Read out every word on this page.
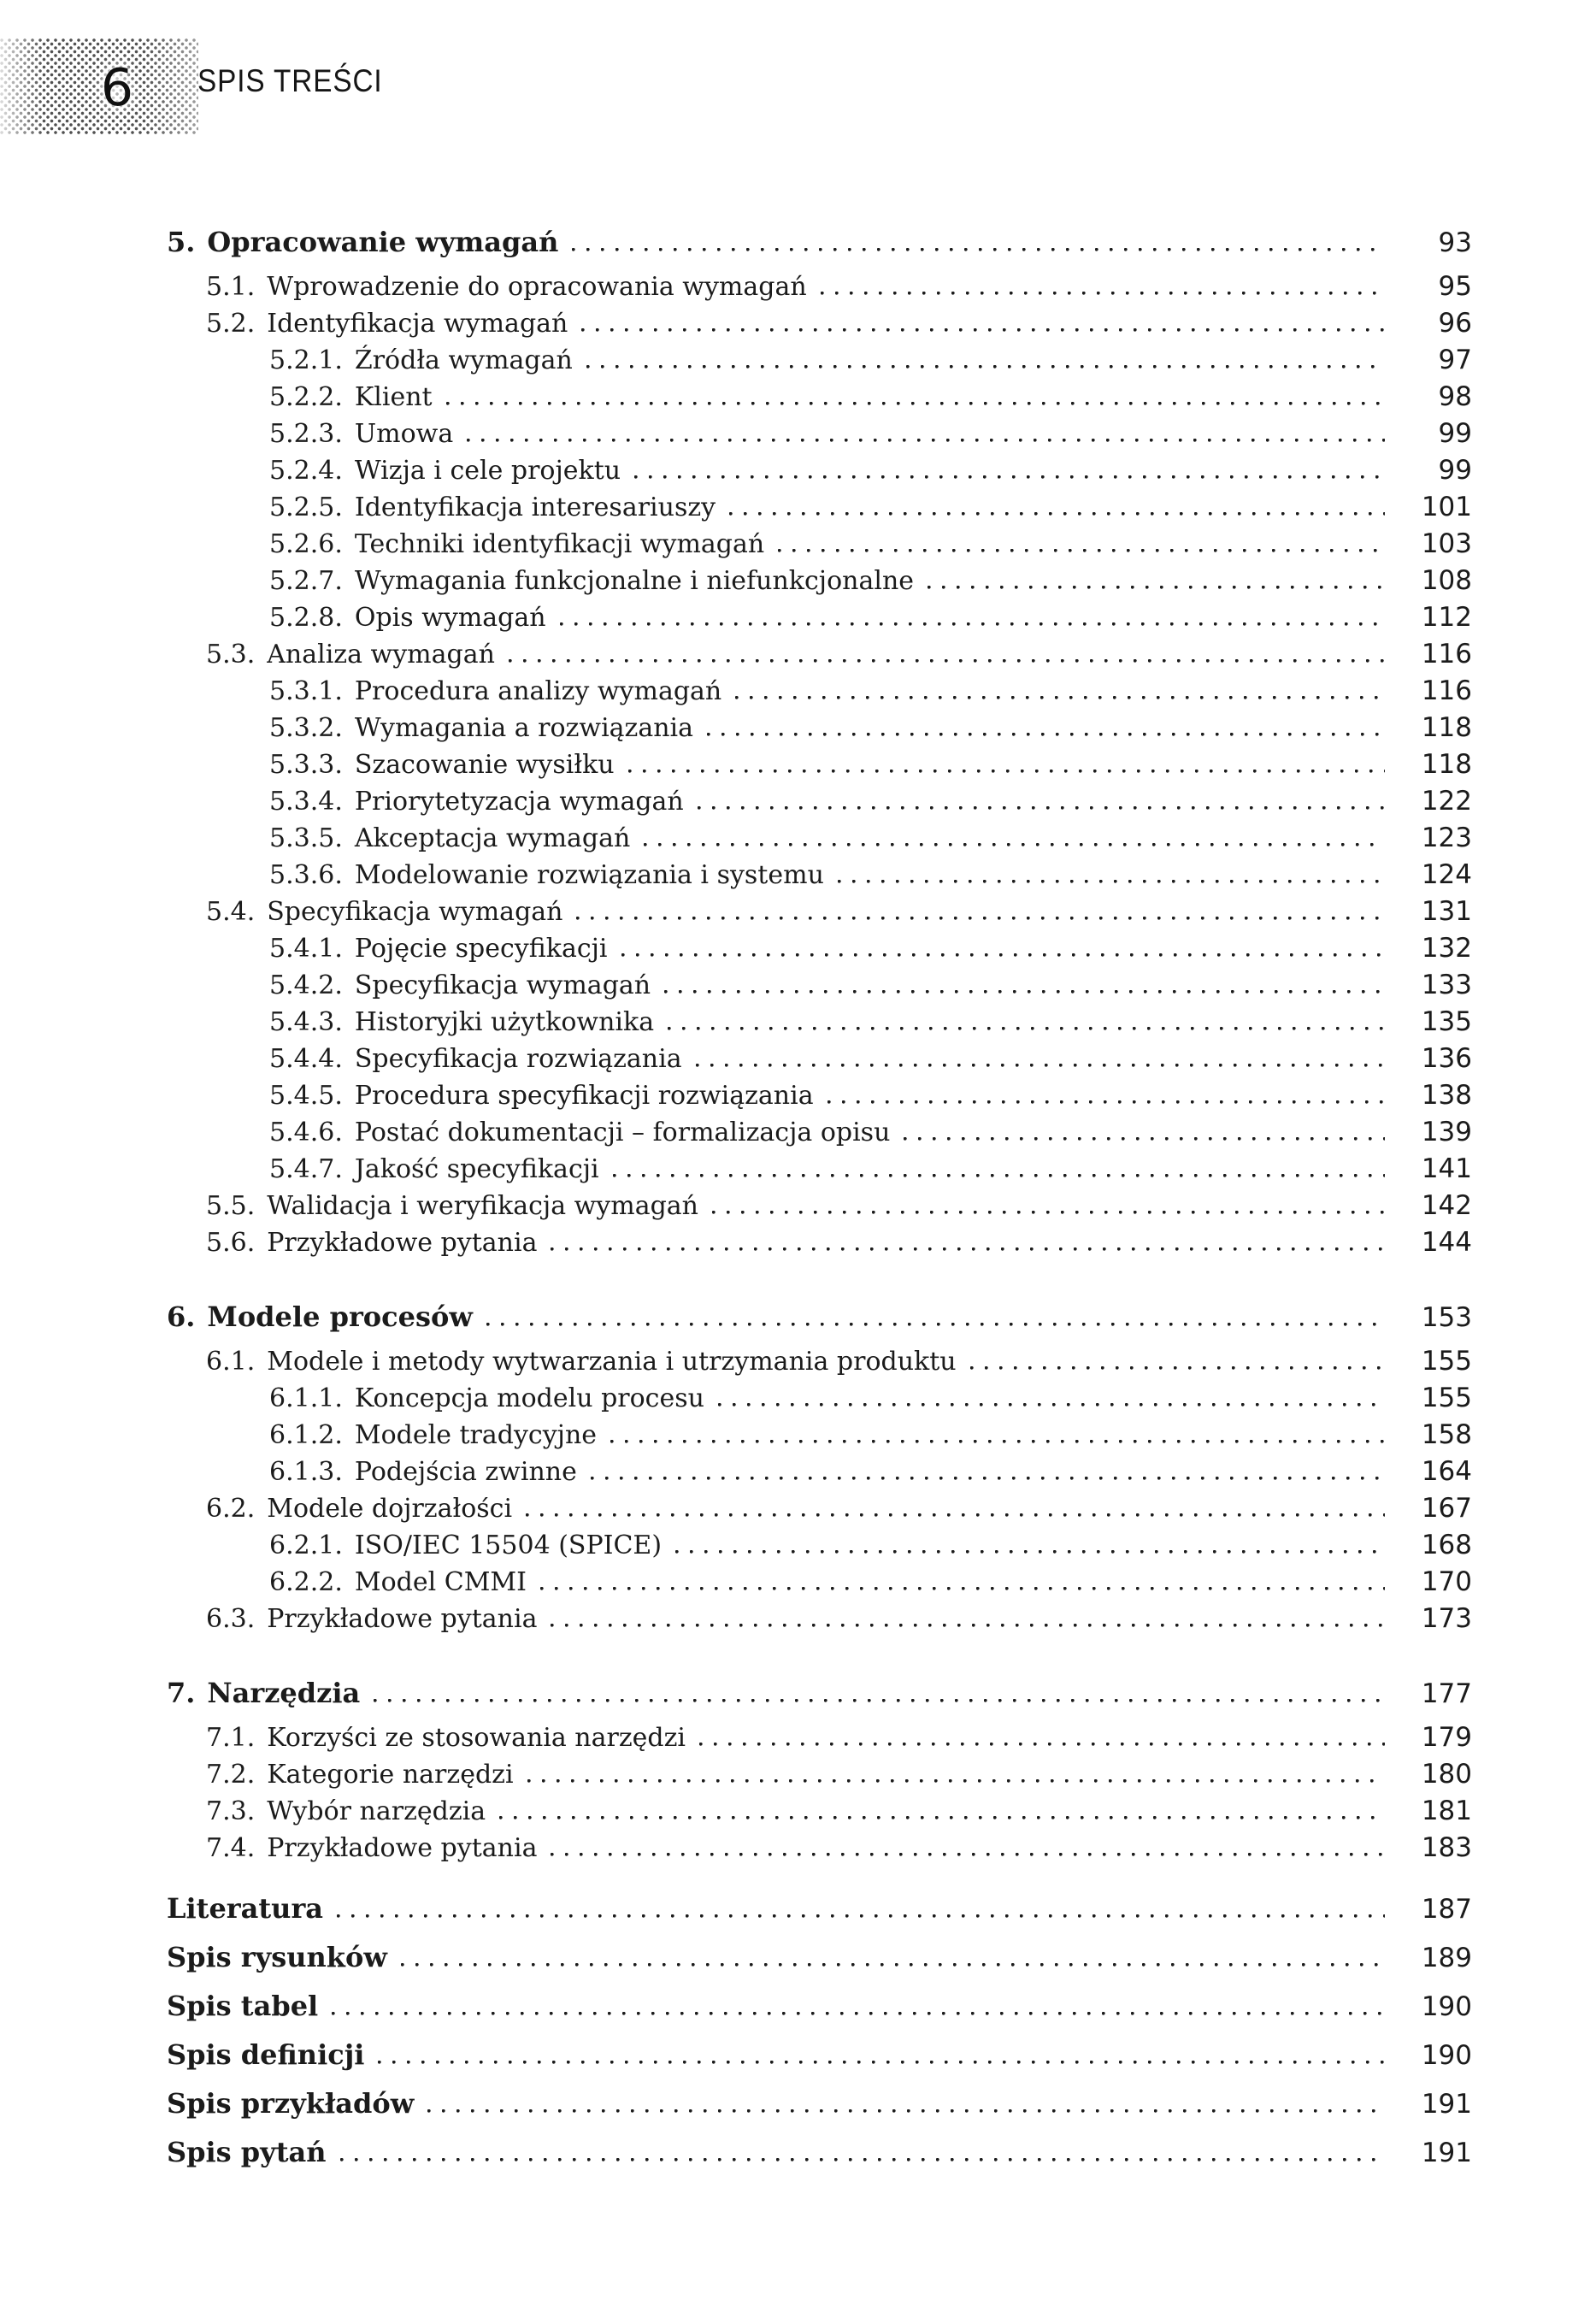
6 SPIS TREŚCI
5. Opracowanie wymagań	93
5.1. Wprowadzenie do opracowania wymagań	95
5.2. Identyfikacja wymagań	96
5.2.1. Źródła wymagań	97
5.2.2. Klient	98
5.2.3. Umowa	99
5.2.4. Wizja i cele projektu	99
5.2.5. Identyfikacja interesariuszy	101
5.2.6. Techniki identyfikacji wymagań	103
5.2.7. Wymagania funkcjonalne i niefunkcjonalne	108
5.2.8. Opis wymagań	112
5.3. Analiza wymagań	116
5.3.1. Procedura analizy wymagań	116
5.3.2. Wymagania a rozwiązania	118
5.3.3. Szacowanie wysiłku	118
5.3.4. Priorytetyzacja wymagań	122
5.3.5. Akceptacja wymagań	123
5.3.6. Modelowanie rozwiązania i systemu	124
5.4. Specyfikacja wymagań	131
5.4.1. Pojęcie specyfikacji	132
5.4.2. Specyfikacja wymagań	133
5.4.3. Historyjki użytkownika	135
5.4.4. Specyfikacja rozwiązania	136
5.4.5. Procedura specyfikacji rozwiązania	138
5.4.6. Postać dokumentacji – formalizacja opisu	139
5.4.7. Jakość specyfikacji	141
5.5. Walidacja i weryfikacja wymagań	142
5.6. Przykładowe pytania	144
6. Modele procesów	153
6.1. Modele i metody wytwarzania i utrzymania produktu	155
6.1.1. Koncepcja modelu procesu	155
6.1.2. Modele tradycyjne	158
6.1.3. Podejścia zwinne	164
6.2. Modele dojrzałości	167
6.2.1. ISO/IEC 15504 (SPICE)	168
6.2.2. Model CMMI	170
6.3. Przykładowe pytania	173
7. Narzędzia	177
7.1. Korzyści ze stosowania narzędzi	179
7.2. Kategorie narzędzi	180
7.3. Wybór narzędzia	181
7.4. Przykładowe pytania	183
Literatura	187
Spis rysunków	189
Spis tabel	190
Spis definicji	190
Spis przykładów	191
Spis pytań	191
